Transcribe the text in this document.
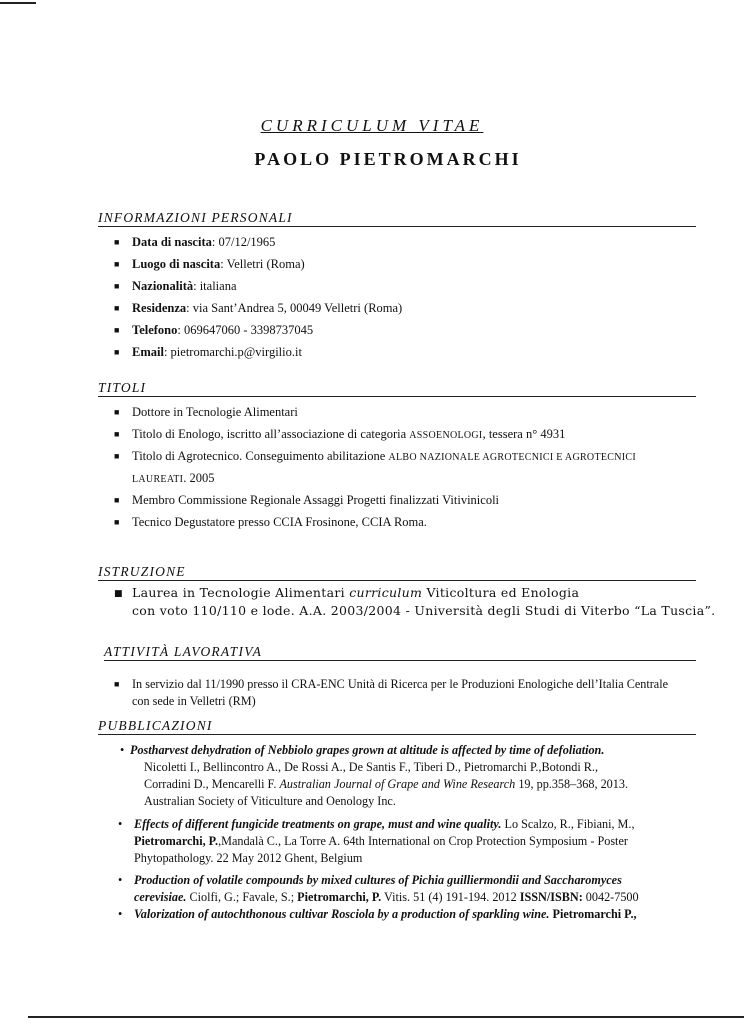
CURRICULUM VITAE
PAOLO PIETROMARCHI
INFORMAZIONI PERSONALI
■ Data di nascita: 07/12/1965
■ Luogo di nascita: Velletri (Roma)
■ Nazionalità: italiana
■ Residenza: via Sant’Andrea 5, 00049 Velletri (Roma)
■ Telefono: 069647060 - 3398737045
■ Email: pietromarchi.p@virgilio.it
TITOLI
■ Dottore in Tecnologie Alimentari
■ Titolo di Enologo, iscritto all’associazione di categoria ASSOENOLOGI, tessera n° 4931
■ Titolo di Agrotecnico. Conseguimento abilitazione ALBO NAZIONALE AGROTECNICI E AGROTECNICI
LAUREATI. 2005
■ Membro Commissione Regionale Assaggi Progetti finalizzati Vitivinicoli
■ Tecnico Degustatore presso CCIA Frosinone, CCIA Roma.
ISTRUZIONE
■ Laurea in Tecnologie Alimentari curriculum Viticoltura ed Enologia
con voto 110/110 e lode. A.A. 2003/2004 - Università degli Studi di Viterbo “La Tuscia”.
ATTIVITÀ LAVORATIVA
■ In servizio dal 11/1990 presso il CRA-ENC Unità di Ricerca per le Produzioni Enologiche dell’Italia Centrale
con sede in Velletri (RM)
PUBBLICAZIONI
• Postharvest dehydration of Nebbiolo grapes grown at altitude is affected by time of defoliation.
Nicoletti I., Bellincontro A., De Rossi A., De Santis F., Tiberi D., Pietromarchi P.,Botondi R.,
Corradini D., Mencarelli F. Australian Journal of Grape and Wine Research 19, pp.358–368, 2013.
Australian Society of Viticulture and Oenology Inc.
• Effects of different fungicide treatments on grape, must and wine quality. Lo Scalzo, R., Fibiani, M.,
Pietromarchi, P.,Mandalà C., La Torre A. 64th International on Crop Protection Symposium - Poster
Phytopathology. 22 May 2012 Ghent, Belgium
• Production of volatile compounds by mixed cultures of Pichia guilliermondii and Saccharomyces
cerevisiae. Ciolfi, G.; Favale, S.; Pietromarchi, P. Vitis. 51 (4) 191-194. 2012 ISSN/ISBN: 0042-7500
• Valorization of autochthonous cultivar Rosciola by a production of sparkling wine. Pietromarchi P.,
